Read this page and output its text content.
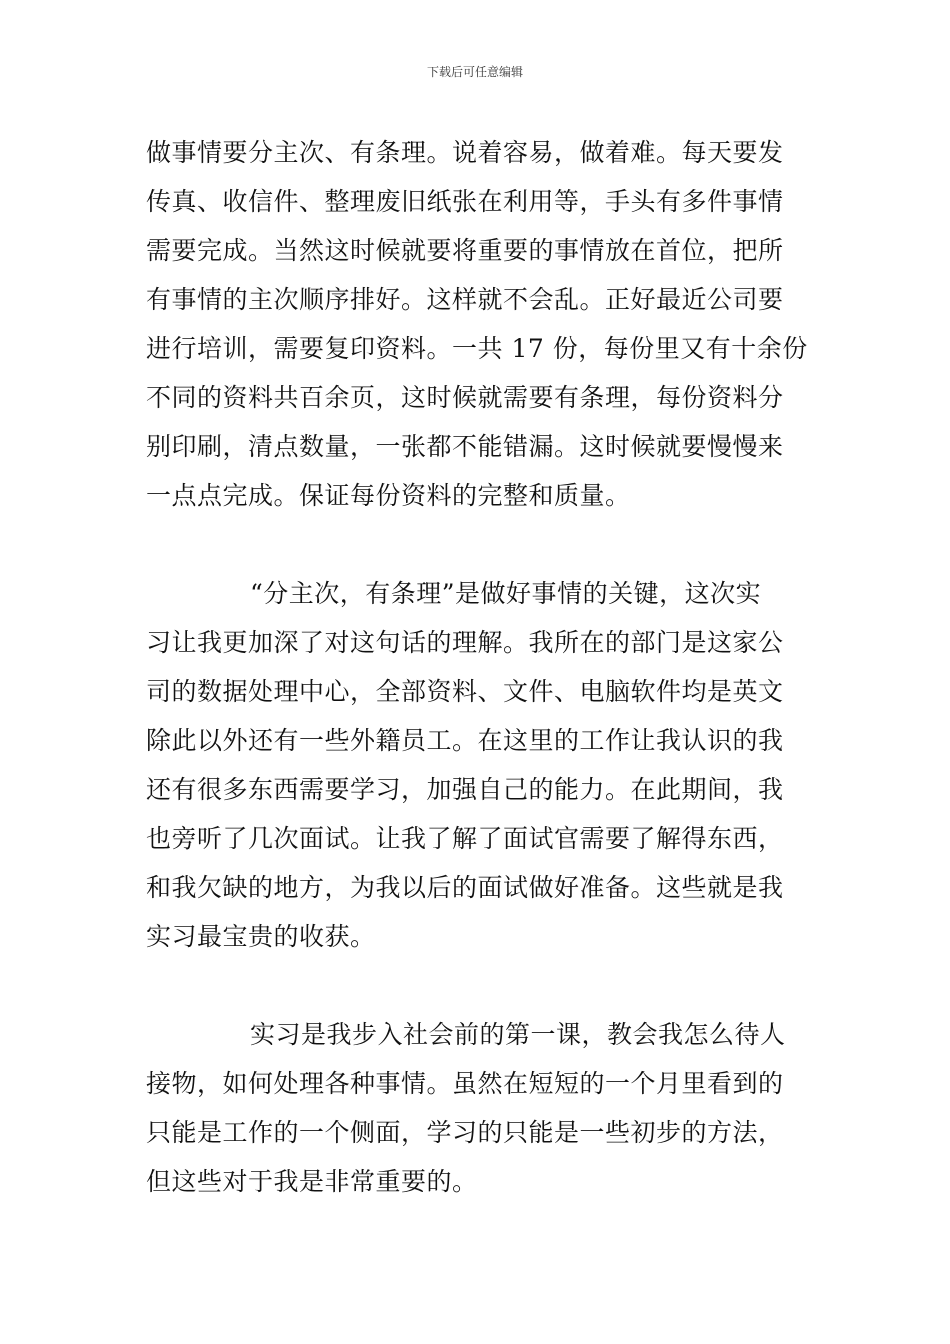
下载后可任意编辑

做事情要分主次、有条理。说着容易，做着难。每天要发
传真、收信件、整理废旧纸张在利用等，手头有多件事情
需要完成。当然这时候就要将重要的事情放在首位，把所
有事情的主次顺序排好。这样就不会乱。正好最近公司要
进行培训，需要复印资料。一共 17 份，每份里又有十余份
不同的资料共百余页，这时候就需要有条理，每份资料分
别印刷，清点数量，一张都不能错漏。这时候就要慢慢来
一点点完成。保证每份资料的完整和质量。

“分主次，有条理”是做好事情的关键，这次实
习让我更加深了对这句话的理解。我所在的部门是这家公
司的数据处理中心，全部资料、文件、电脑软件均是英文
除此以外还有一些外籍员工。在这里的工作让我认识的我
还有很多东西需要学习，加强自己的能力。在此期间，我
也旁听了几次面试。让我了解了面试官需要了解得东西，
和我欠缺的地方，为我以后的面试做好准备。这些就是我
实习最宝贵的收获。

实习是我步入社会前的第一课，教会我怎么待人
接物，如何处理各种事情。虽然在短短的一个月里看到的
只能是工作的一个侧面，学习的只能是一些初步的方法，
但这些对于我是非常重要的。
